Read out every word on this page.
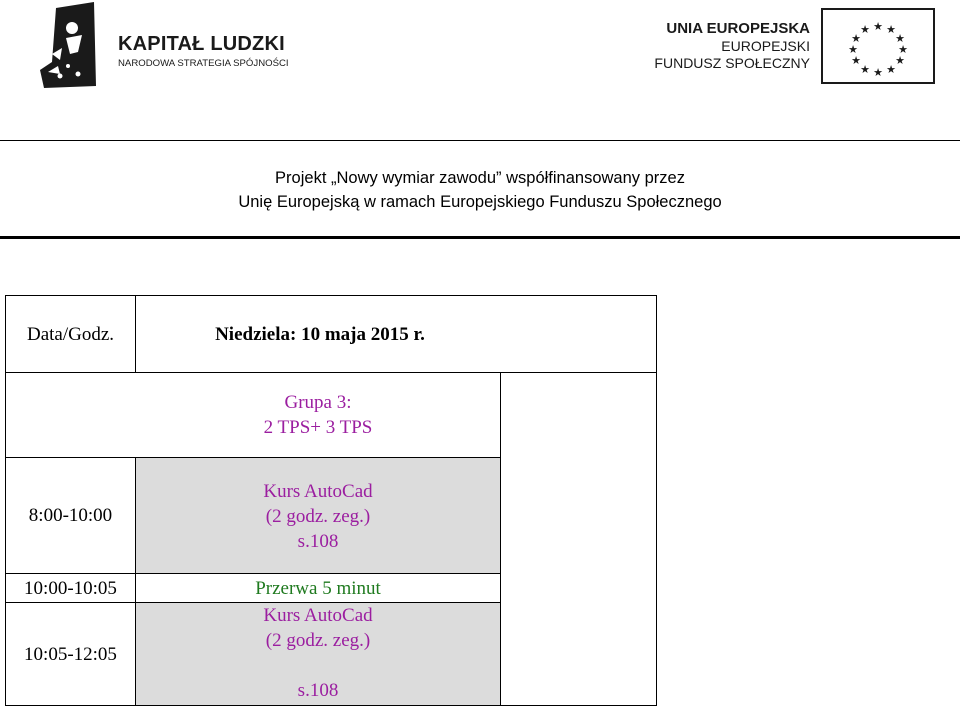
KAPITAŁ LUDZKI
NARODOWA STRATEGIA SPÓJNOŚCI
UNIA EUROPEJSKA
EUROPEJSKI
FUNDUSZ SPOŁECZNY
★ ★
★
★
★
★
★
★
★
★
★
★
Projekt „Nowy wymiar zawodu” współfinansowany przez
Unię Europejską w ramach Europejskiego Funduszu Społecznego
Data/Godz.	Niedziela: 10 maja 2015 r.
Grupa 3:
2 TPS+ 3 TPS
8:00-10:00
Kurs AutoCad
(2 godz. zeg.)
s.108
10:00-10:05	Przerwa 5 minut
10:05-12:05
Kurs AutoCad
(2 godz. zeg.)
s.108
